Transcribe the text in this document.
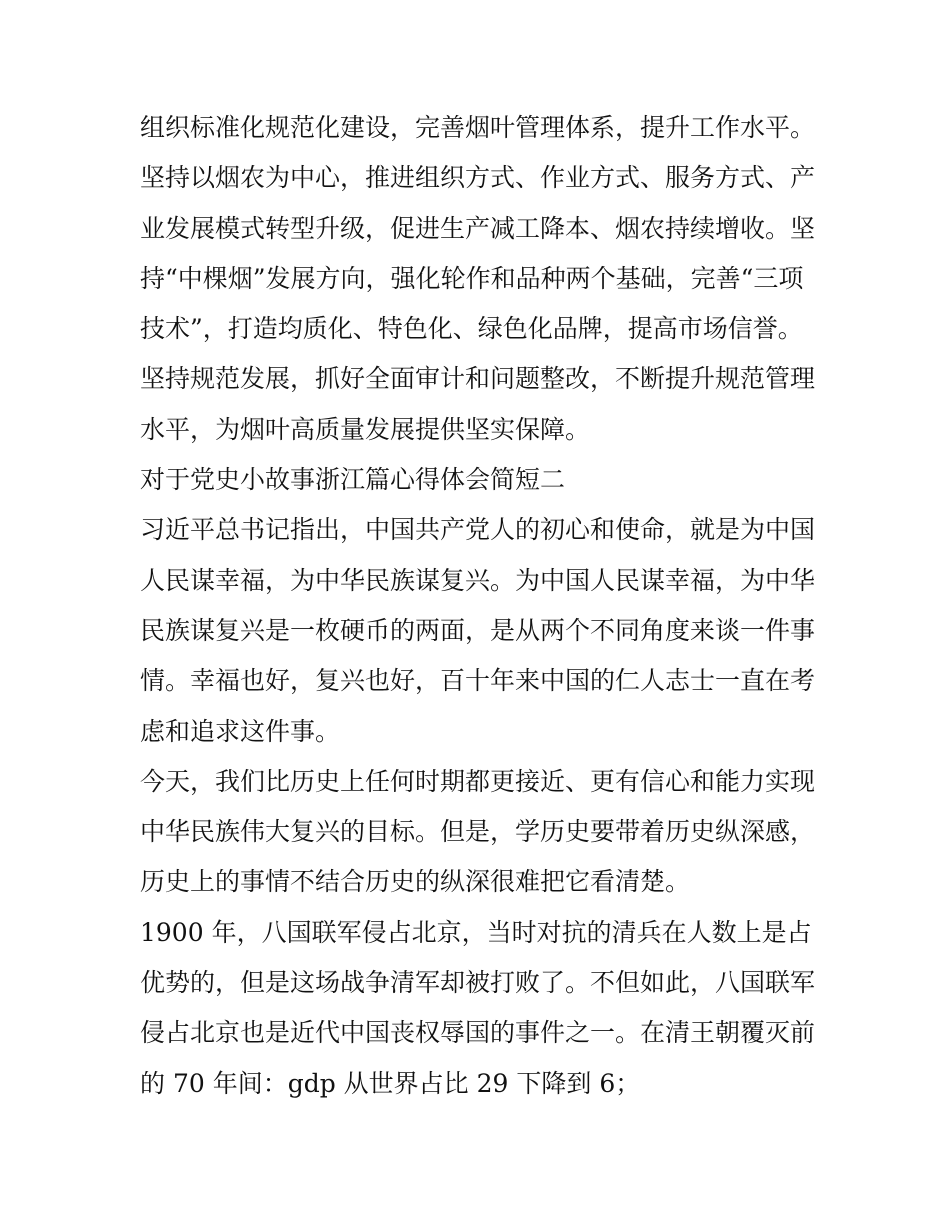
组织标准化规范化建设，完善烟叶管理体系，提升工作水平。
坚持以烟农为中心，推进组织方式、作业方式、服务方式、产
业发展模式转型升级，促进生产减工降本、烟农持续增收。坚
持“中棵烟”发展方向，强化轮作和品种两个基础，完善“三项
技术”，打造均质化、特色化、绿色化品牌，提高市场信誉。
坚持规范发展，抓好全面审计和问题整改，不断提升规范管理
水平，为烟叶高质量发展提供坚实保障。
对于党史小故事浙江篇心得体会简短二
习近平总书记指出，中国共产党人的初心和使命，就是为中国
人民谋幸福，为中华民族谋复兴。为中国人民谋幸福，为中华
民族谋复兴是一枚硬币的两面，是从两个不同角度来谈一件事
情。幸福也好，复兴也好，百十年来中国的仁人志士一直在考
虑和追求这件事。
今天，我们比历史上任何时期都更接近、更有信心和能力实现
中华民族伟大复兴的目标。但是，学历史要带着历史纵深感，
历史上的事情不结合历史的纵深很难把它看清楚。
1900 年，八国联军侵占北京，当时对抗的清兵在人数上是占
优势的，但是这场战争清军却被打败了。不但如此，八国联军
侵占北京也是近代中国丧权辱国的事件之一。在清王朝覆灭前
的 70 年间：gdp 从世界占比 29 下降到 6；
